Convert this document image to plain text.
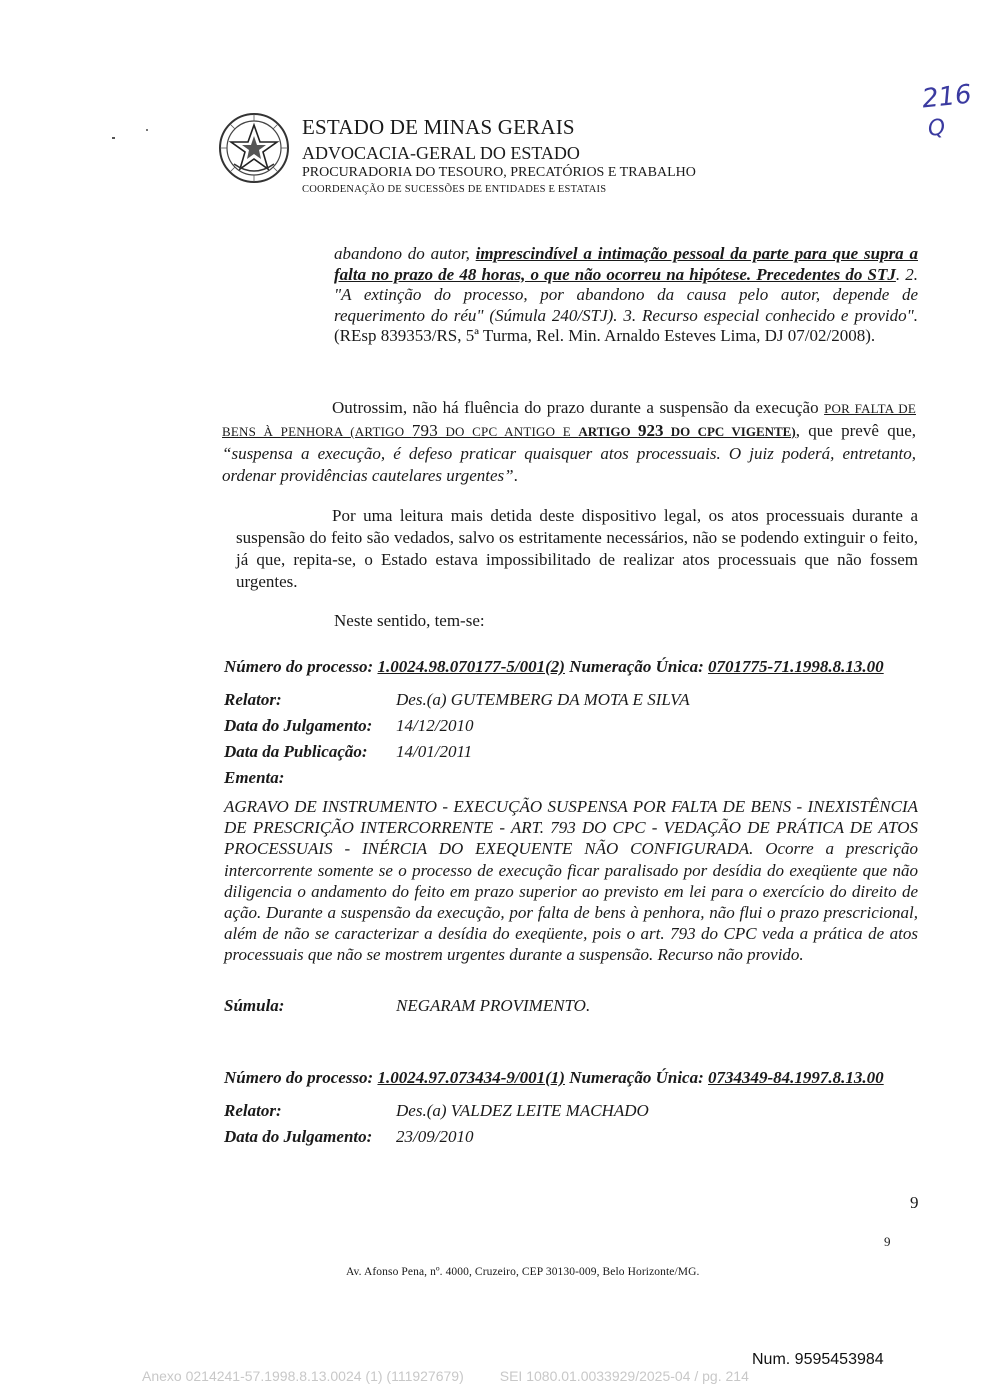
ESTADO DE MINAS GERAIS
ADVOCACIA-GERAL DO ESTADO
PROCURADORIA DO TESOURO, PRECATÓRIOS E TRABALHO
COORDENAÇÃO DE SUCESSÕES DE ENTIDADES E ESTATAIS
216
Q
abandono do autor, imprescindível a intimação pessoal da parte para que supra a falta no prazo de 48 horas, o que não ocorreu na hipótese. Precedentes do STJ. 2. "A extinção do processo, por abandono da causa pelo autor, depende de requerimento do réu" (Súmula 240/STJ). 3. Recurso especial conhecido e provido". (REsp 839353/RS, 5ª Turma, Rel. Min. Arnaldo Esteves Lima, DJ 07/02/2008).
Outrossim, não há fluência do prazo durante a suspensão da execução POR FALTA DE BENS À PENHORA (ARTIGO 793 DO CPC ANTIGO E ARTIGO 923 DO CPC VIGENTE), que prevê que, “suspensa a execução, é defeso praticar quaisquer atos processuais. O juiz poderá, entretanto, ordenar providências cautelares urgentes”.
Por uma leitura mais detida deste dispositivo legal, os atos processuais durante a suspensão do feito são vedados, salvo os estritamente necessários, não se podendo extinguir o feito, já que, repita-se, o Estado estava impossibilitado de realizar atos processuais que não fossem urgentes.
Neste sentido, tem-se:
Número do processo: 1.0024.98.070177-5/001(2) Numeração Única: 0701775-71.1998.8.13.00
Relator:	Des.(a) GUTEMBERG DA MOTA E SILVA
Data do Julgamento: 14/12/2010
Data da Publicação: 14/01/2011
Ementa:
AGRAVO DE INSTRUMENTO - EXECUÇÃO SUSPENSA POR FALTA DE BENS - INEXISTÊNCIA DE PRESCRIÇÃO INTERCORRENTE - ART. 793 DO CPC - VEDAÇÃO DE PRÁTICA DE ATOS PROCESSUAIS - INÉRCIA DO EXEQUENTE NÃO CONFIGURADA. Ocorre a prescrição intercorrente somente se o processo de execução ficar paralisado por desídia do exeqüente que não diligencia o andamento do feito em prazo superior ao previsto em lei para o exercício do direito de ação. Durante a suspensão da execução, por falta de bens à penhora, não flui o prazo prescricional, além de não se caracterizar a desídia do exeqüente, pois o art. 793 do CPC veda a prática de atos processuais que não se mostrem urgentes durante a suspensão. Recurso não provido.
Súmula:	NEGARAM PROVIMENTO.
Número do processo: 1.0024.97.073434-9/001(1) Numeração Única: 0734349-84.1997.8.13.00
Relator:	Des.(a) VALDEZ LEITE MACHADO
Data do Julgamento: 23/09/2010
9
9
Av. Afonso Pena, nº. 4000, Cruzeiro, CEP 30130-009, Belo Horizonte/MG.
Num. 9595453984
Anexo 0214241-57.1998.8.13.0024 (1) (111927679)	SEI 1080.01.0033929/2025-04 / pg. 214
